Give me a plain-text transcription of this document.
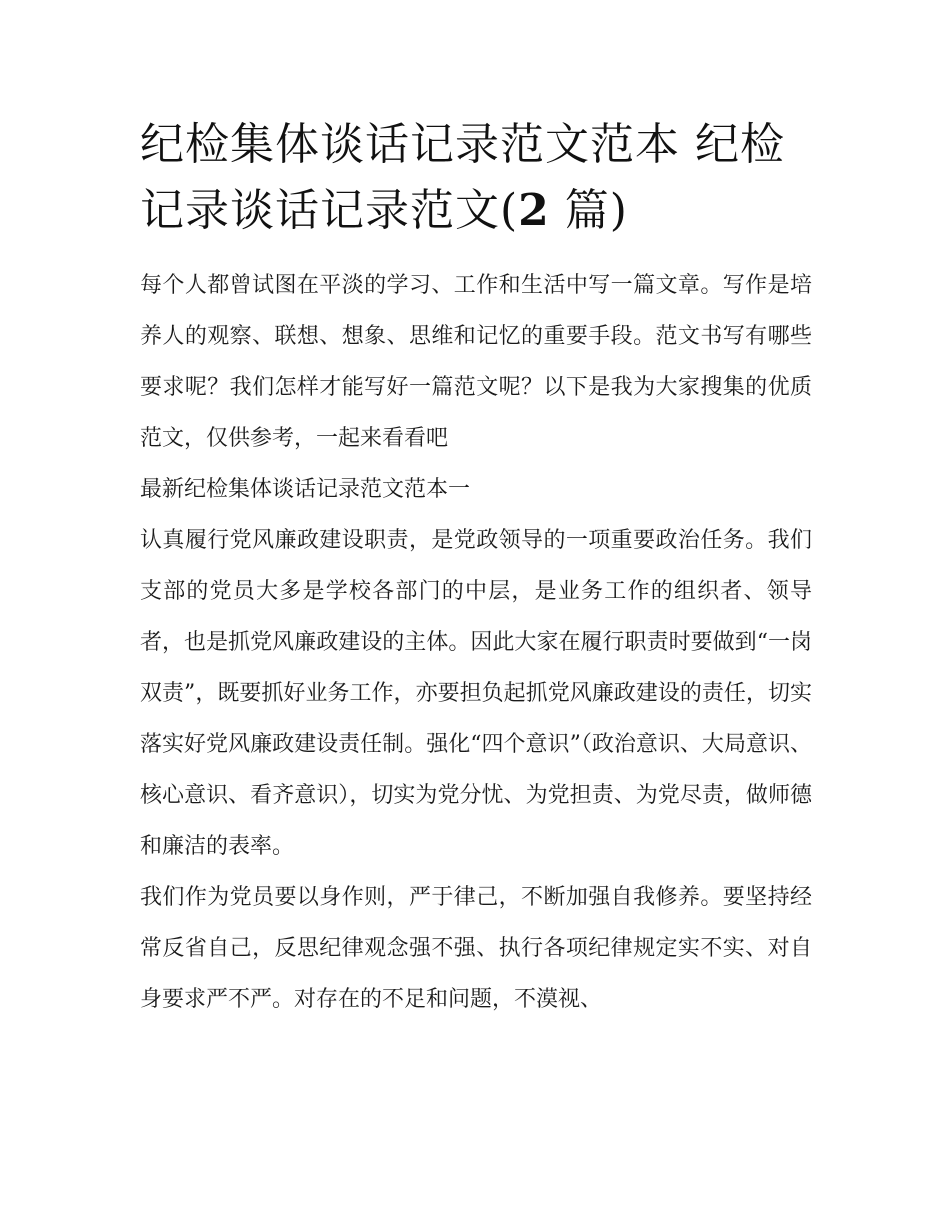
纪检集体谈话记录范文范本 纪检记录谈话记录范文(2 篇)

每个人都曾试图在平淡的学习、工作和生活中写一篇文章。写作是培养人的观察、联想、想象、思维和记忆的重要手段。范文书写有哪些要求呢？我们怎样才能写好一篇范文呢？以下是我为大家搜集的优质范文，仅供参考，一起来看看吧

最新纪检集体谈话记录范文范本一

认真履行党风廉政建设职责，是党政领导的一项重要政治任务。我们支部的党员大多是学校各部门的中层，是业务工作的组织者、领导者，也是抓党风廉政建设的主体。因此大家在履行职责时要做到“一岗双责”，既要抓好业务工作，亦要担负起抓党风廉政建设的责任，切实落实好党风廉政建设责任制。强化“四个意识”（政治意识、大局意识、核心意识、看齐意识），切实为党分忧、为党担责、为党尽责，做师德和廉洁的表率。

我们作为党员要以身作则，严于律己，不断加强自我修养。要坚持经常反省自己，反思纪律观念强不强、执行各项纪律规定实不实、对自身要求严不严。对存在的不足和问题，不漠视、
